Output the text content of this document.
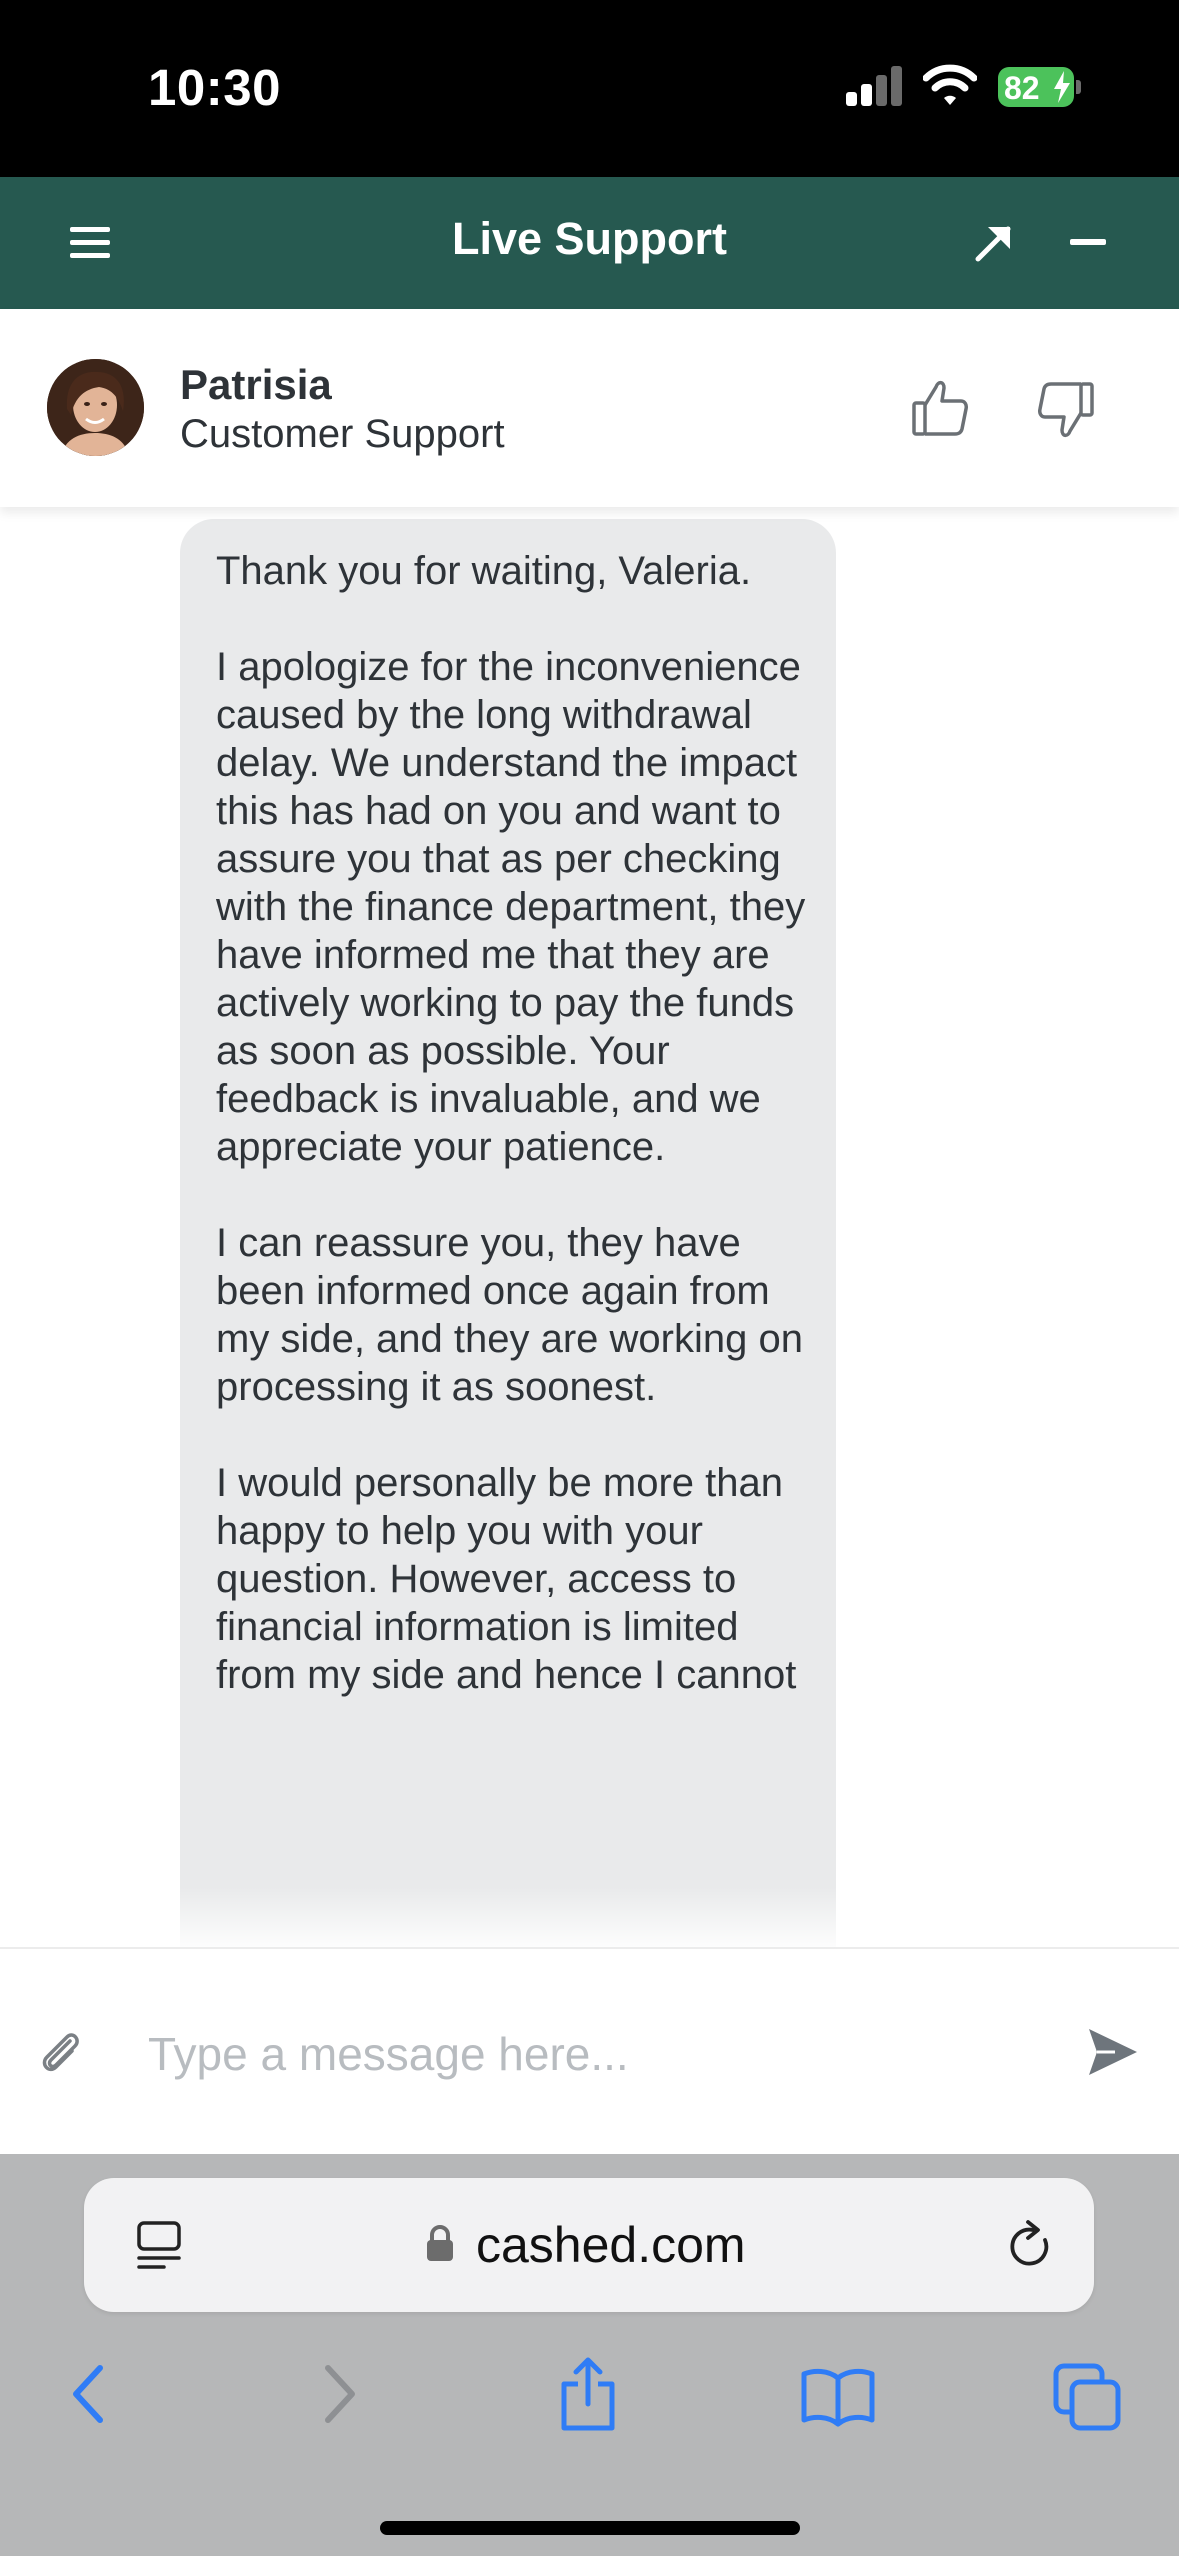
10:30	82
Live Support
Patrisia
Customer Support
Thank you for waiting, Valeria.

I apologize for the inconvenience caused by the long withdrawal delay. We understand the impact this has had on you and want to assure you that as per checking with the finance department, they have informed me that they are actively working to pay the funds as soon as possible. Your feedback is invaluable, and we appreciate your patience.

I can reassure you, they have been informed once again from my side, and they are working on processing it as soonest.

I would personally be more than happy to help you with your question. However, access to financial information is limited from my side and hence I cannot
Type a message here...
cashed.com
